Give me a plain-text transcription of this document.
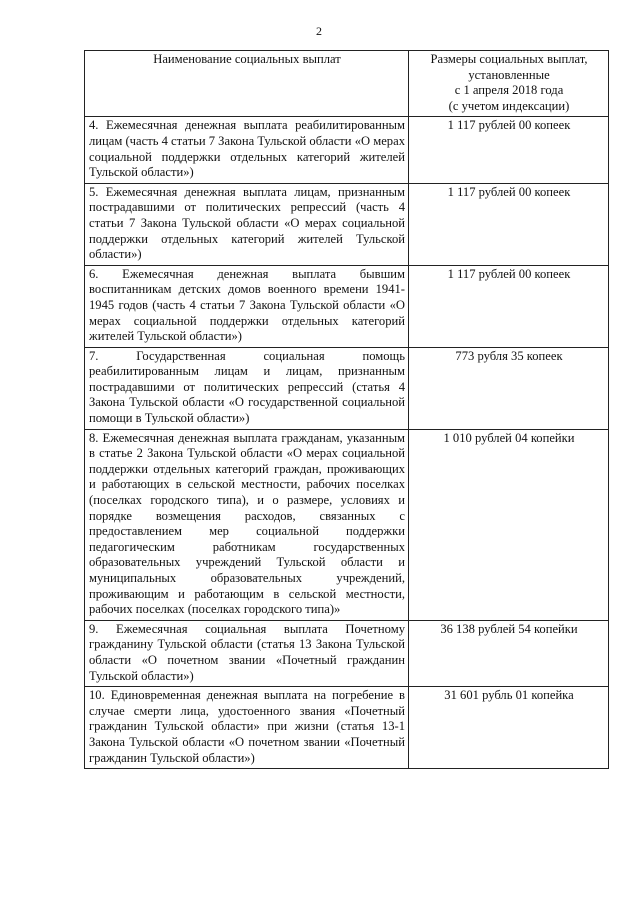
2
Наименование социальных выплат	Размеры социальных выплат,
установленные
с 1 апреля 2018 года
(с учетом индексации)

4. Ежемесячная денежная выплата реабилитированным лицам (часть 4 статьи 7 Закона Тульской области «О мерах социальной поддержки отдельных категорий жителей Тульской области»)	1 117 рублей 00 копеек
5. Ежемесячная денежная выплата лицам, признанным пострадавшими от политических репрессий (часть 4 статьи 7 Закона Тульской области «О мерах социальной поддержки отдельных категорий жителей Тульской области»)	1 117 рублей 00 копеек
6. Ежемесячная денежная выплата бывшим воспитанникам детских домов военного времени 1941-1945 годов (часть 4 статьи 7 Закона Тульской области «О мерах социальной поддержки отдельных категорий жителей Тульской области»)	1 117 рублей 00 копеек
7. Государственная социальная помощь реабилитированным лицам и лицам, признанным пострадавшими от политических репрессий (статья 4 Закона Тульской области «О государственной социальной помощи в Тульской области»)	773 рубля 35 копеек
8. Ежемесячная денежная выплата гражданам, указанным в статье 2 Закона Тульской области «О мерах социальной поддержки отдельных категорий граждан, проживающих и работающих в сельской местности, рабочих поселках (поселках городского типа), и о размере, условиях и порядке возмещения расходов, связанных с предоставлением мер социальной поддержки педагогическим работникам государственных образовательных учреждений Тульской области и муниципальных образовательных учреждений, проживающим и работающим в сельской местности, рабочих поселках (поселках городского типа)»	1 010 рублей 04 копейки
9. Ежемесячная социальная выплата Почетному гражданину Тульской области (статья 13 Закона Тульской области «О почетном звании «Почетный гражданин Тульской области»)	36 138 рублей 54 копейки
10. Единовременная денежная выплата на погребение в случае смерти лица, удостоенного звания «Почетный гражданин Тульской области» при жизни (статья 13-1 Закона Тульской области «О почетном звании «Почетный гражданин Тульской области»)	31 601 рубль 01 копейка
